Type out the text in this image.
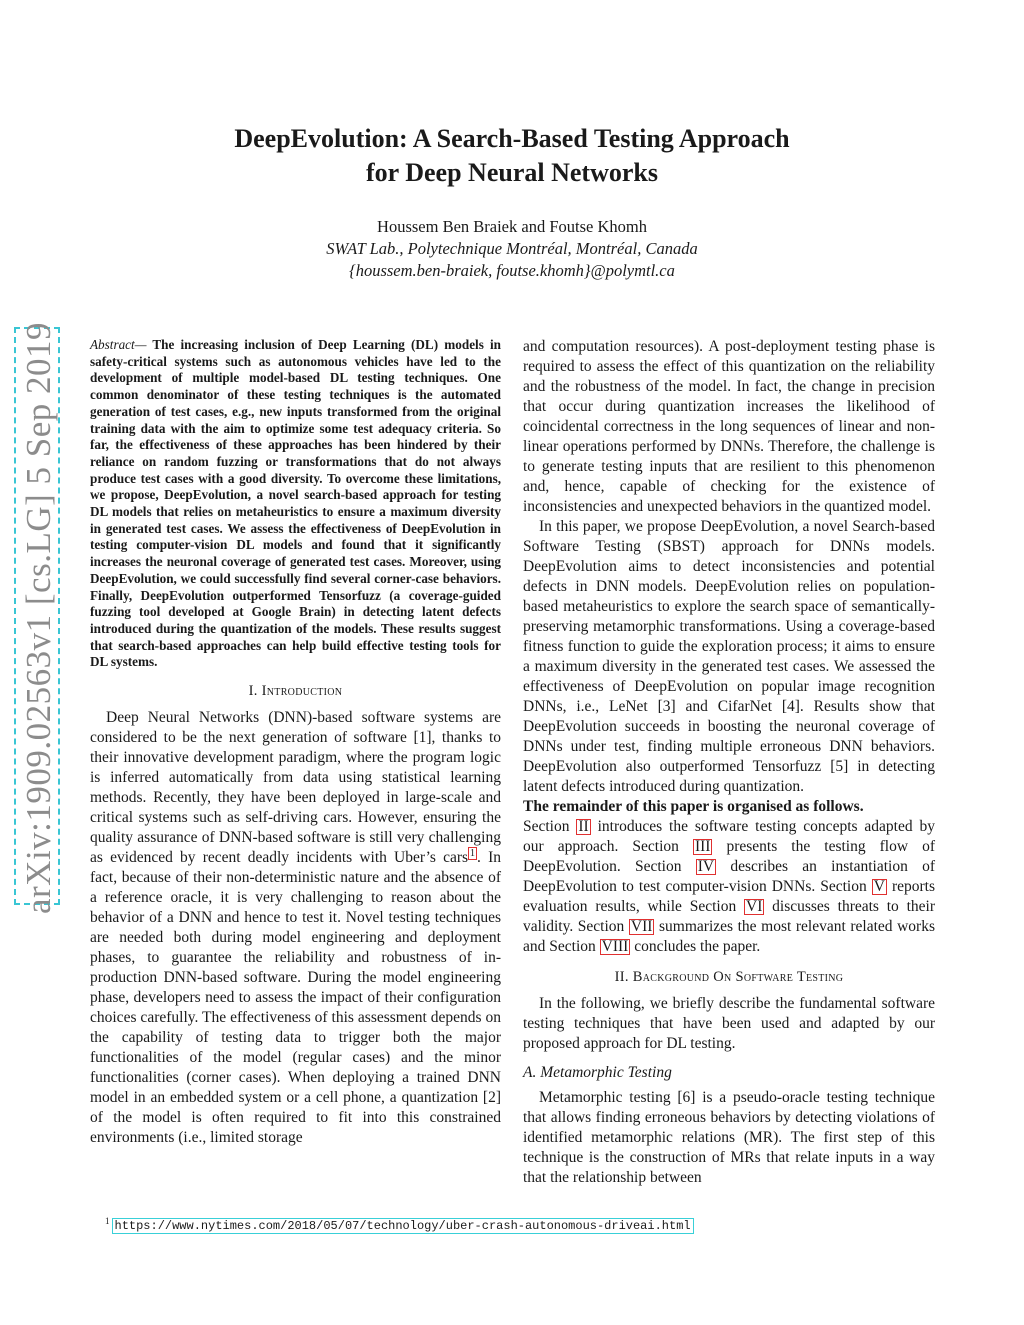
DeepEvolution: A Search-Based Testing Approach
for Deep Neural Networks
Houssem Ben Braiek and Foutse Khomh
SWAT Lab., Polytechnique Montréal, Montréal, Canada
{houssem.ben-braiek, foutse.khomh}@polymtl.ca
arXiv:1909.02563v1 [cs.LG] 5 Sep 2019 Abstract— The increasing inclusion of Deep Learning (DL) models in safety-critical systems such as autonomous vehicles have led to the development of multiple model-based DL testing techniques. One common denominator of these testing techniques is the automated generation of test cases, e.g., new inputs transformed from the original training data with the aim to optimize some test adequacy criteria. So far, the effectiveness of these approaches has been hindered by their reliance on random fuzzing or transformations that do not always produce test cases with a good diversity. To overcome these limitations, we propose, DeepEvolution, a novel search-based approach for testing DL models that relies on metaheuristics to ensure a maximum diversity in generated test cases. We assess the effectiveness of DeepEvolution in testing computer-vision DL models and found that it significantly increases the neuronal coverage of generated test cases. Moreover, using DeepEvolution, we could successfully find several corner-case behaviors. Finally, DeepEvolution outperformed Tensorfuzz (a coverage-guided fuzzing tool developed at Google Brain) in detecting latent defects introduced during the quantization of the models. These results suggest that search-based approaches can help build effective testing tools for DL systems.
I. Introduction

Deep Neural Networks (DNN)-based software systems are considered to be the next generation of software [1], thanks to their innovative development paradigm, where the program logic is inferred automatically from data using statistical learning methods. Recently, they have been deployed in large-scale and critical systems such as self-driving cars. However, ensuring the quality assurance of DNN-based software is still very challenging as evidenced by recent deadly incidents with Uber’s cars $^1$ . In fact, because of their non-deterministic nature and the absence of a reference oracle, it is very challenging to reason about the behavior of a DNN and hence to test it. Novel testing techniques are needed both during model engineering and deployment phases, to guarantee the reliability and robustness of in-production DNN-based software. During the model engineering phase, developers need to assess the impact of their configuration choices carefully. The effectiveness of this assessment depends on the capability of testing data to trigger both the major functionalities of the model (regular cases) and the minor functionalities (corner cases). When deploying a trained DNN model in an embedded system or a cell phone, a quantization [2] of the model is often required to fit into this constrained environments (i.e., limited storage

and computation resources). A post-deployment testing phase is required to assess the effect of this quantization on the reliability and the robustness of the model. In fact, the change in precision that occur during quantization increases the likelihood of coincidental correctness in the long sequences of linear and non-linear operations performed by DNNs. Therefore, the challenge is to generate testing inputs that are resilient to this phenomenon and, hence, capable of checking for the existence of inconsistencies and unexpected behaviors in the quantized model.

In this paper, we propose DeepEvolution, a novel Search-based Software Testing (SBST) approach for DNNs models. DeepEvolution aims to detect inconsistencies and potential defects in DNN models. DeepEvolution relies on population-based metaheuristics to explore the search space of semantically-preserving metamorphic transformations. Using a coverage-based fitness function to guide the exploration process; it aims to ensure a maximum diversity in the generated test cases. We assessed the effectiveness of DeepEvolution on popular image recognition DNNs, i.e., LeNet [3] and CifarNet [4]. Results show that DeepEvolution succeeds in boosting the neuronal coverage of DNNs under test, finding multiple erroneous DNN behaviors. DeepEvolution also outperformed Tensorfuzz [5] in detecting latent defects introduced during quantization.

The remainder of this paper is organised as follows.
Section II introduces the software testing concepts adapted by our approach. Section III presents the testing flow of DeepEvolution. Section IV describes an instantiation of DeepEvolution to test computer-vision DNNs. Section V reports evaluation results, while Section VI discusses threats to their validity. Section VII summarizes the most relevant related works and Section VIII concludes the paper.

II. Background On Software Testing

In the following, we briefly describe the fundamental software testing techniques that have been used and adapted by our proposed approach for DL testing.

A. Metamorphic Testing

Metamorphic testing [6] is a pseudo-oracle testing technique that allows finding erroneous behaviors by detecting violations of identified metamorphic relations (MR). The first step of this technique is the construction of MRs that relate inputs in a way that the relationship between

$^1$ https://www.nytimes.com/2018/05/07/technology/uber-crash-autonomous-driveai.html
